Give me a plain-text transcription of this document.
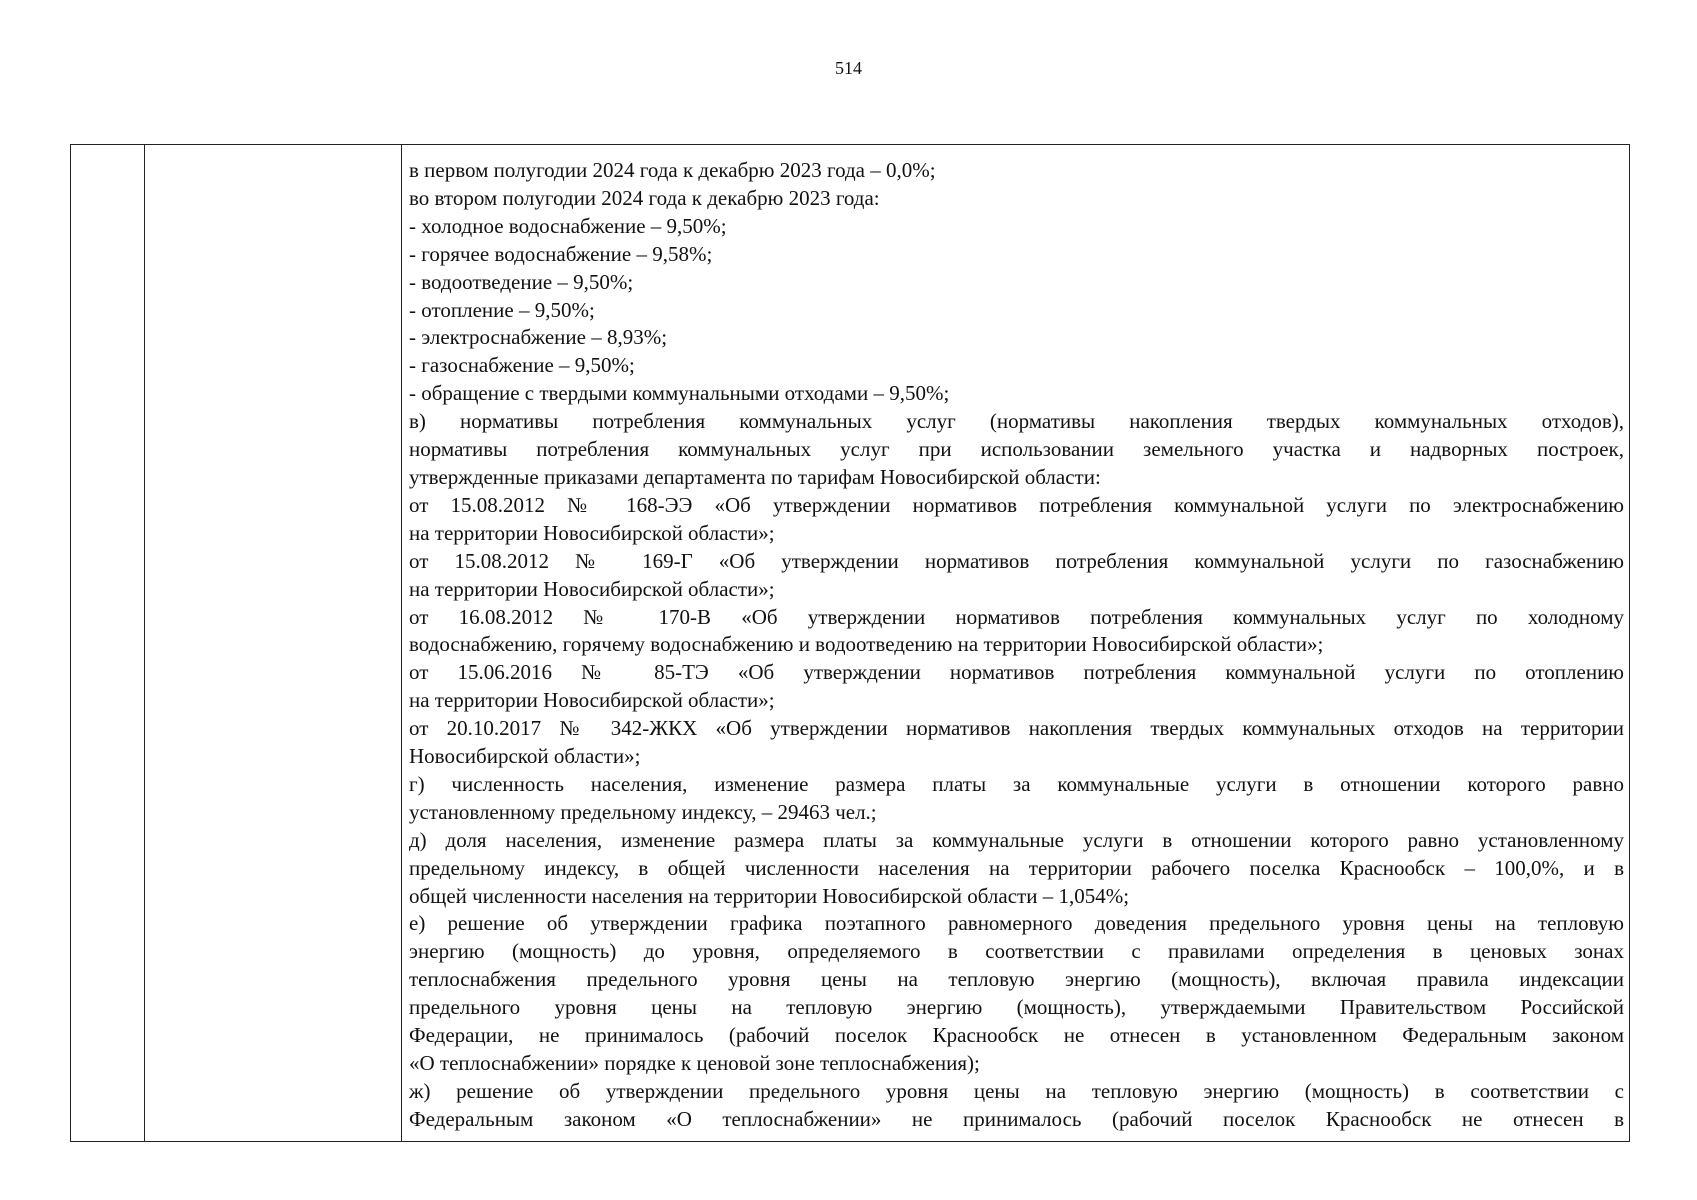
514
в первом полугодии 2024 года к декабрю 2023 года – 0,0%;
во втором полугодии 2024 года к декабрю 2023 года:
- холодное водоснабжение – 9,50%;
- горячее водоснабжение – 9,58%;
- водоотведение – 9,50%;
- отопление – 9,50%;
- электроснабжение – 8,93%;
- газоснабжение – 9,50%;
- обращение с твердыми коммунальными отходами – 9,50%;
в) нормативы потребления коммунальных услуг (нормативы накопления твердых коммунальных отходов),
нормативы потребления коммунальных услуг при использовании земельного участка и надворных построек,
утвержденные приказами департамента по тарифам Новосибирской области:
от 15.08.2012 № 168-ЭЭ «Об утверждении нормативов потребления коммунальной услуги по электроснабжению
на территории Новосибирской области»;
от 15.08.2012 № 169-Г «Об утверждении нормативов потребления коммунальной услуги по газоснабжению
на территории Новосибирской области»;
от 16.08.2012 № 170-В «Об утверждении нормативов потребления коммунальных услуг по холодному
водоснабжению, горячему водоснабжению и водоотведению на территории Новосибирской области»;
от 15.06.2016 № 85-ТЭ «Об утверждении нормативов потребления коммунальной услуги по отоплению
на территории Новосибирской области»;
от 20.10.2017 № 342-ЖКХ «Об утверждении нормативов накопления твердых коммунальных отходов на территории
Новосибирской области»;
г) численность населения, изменение размера платы за коммунальные услуги в отношении которого равно
установленному предельному индексу, – 29463 чел.;
д) доля населения, изменение размера платы за коммунальные услуги в отношении которого равно установленному
предельному индексу, в общей численности населения на территории рабочего поселка Краснообск – 100,0%, и в
общей численности населения на территории Новосибирской области – 1,054%;
е) решение об утверждении графика поэтапного равномерного доведения предельного уровня цены на тепловую
энергию (мощность) до уровня, определяемого в соответствии с правилами определения в ценовых зонах
теплоснабжения предельного уровня цены на тепловую энергию (мощность), включая правила индексации
предельного уровня цены на тепловую энергию (мощность), утверждаемыми Правительством Российской
Федерации, не принималось (рабочий поселок Краснообск не отнесен в установленном Федеральным законом
«О теплоснабжении» порядке к ценовой зоне теплоснабжения);
ж) решение об утверждении предельного уровня цены на тепловую энергию (мощность) в соответствии с
Федеральным законом «О теплоснабжении» не принималось (рабочий поселок Краснообск не отнесен в
